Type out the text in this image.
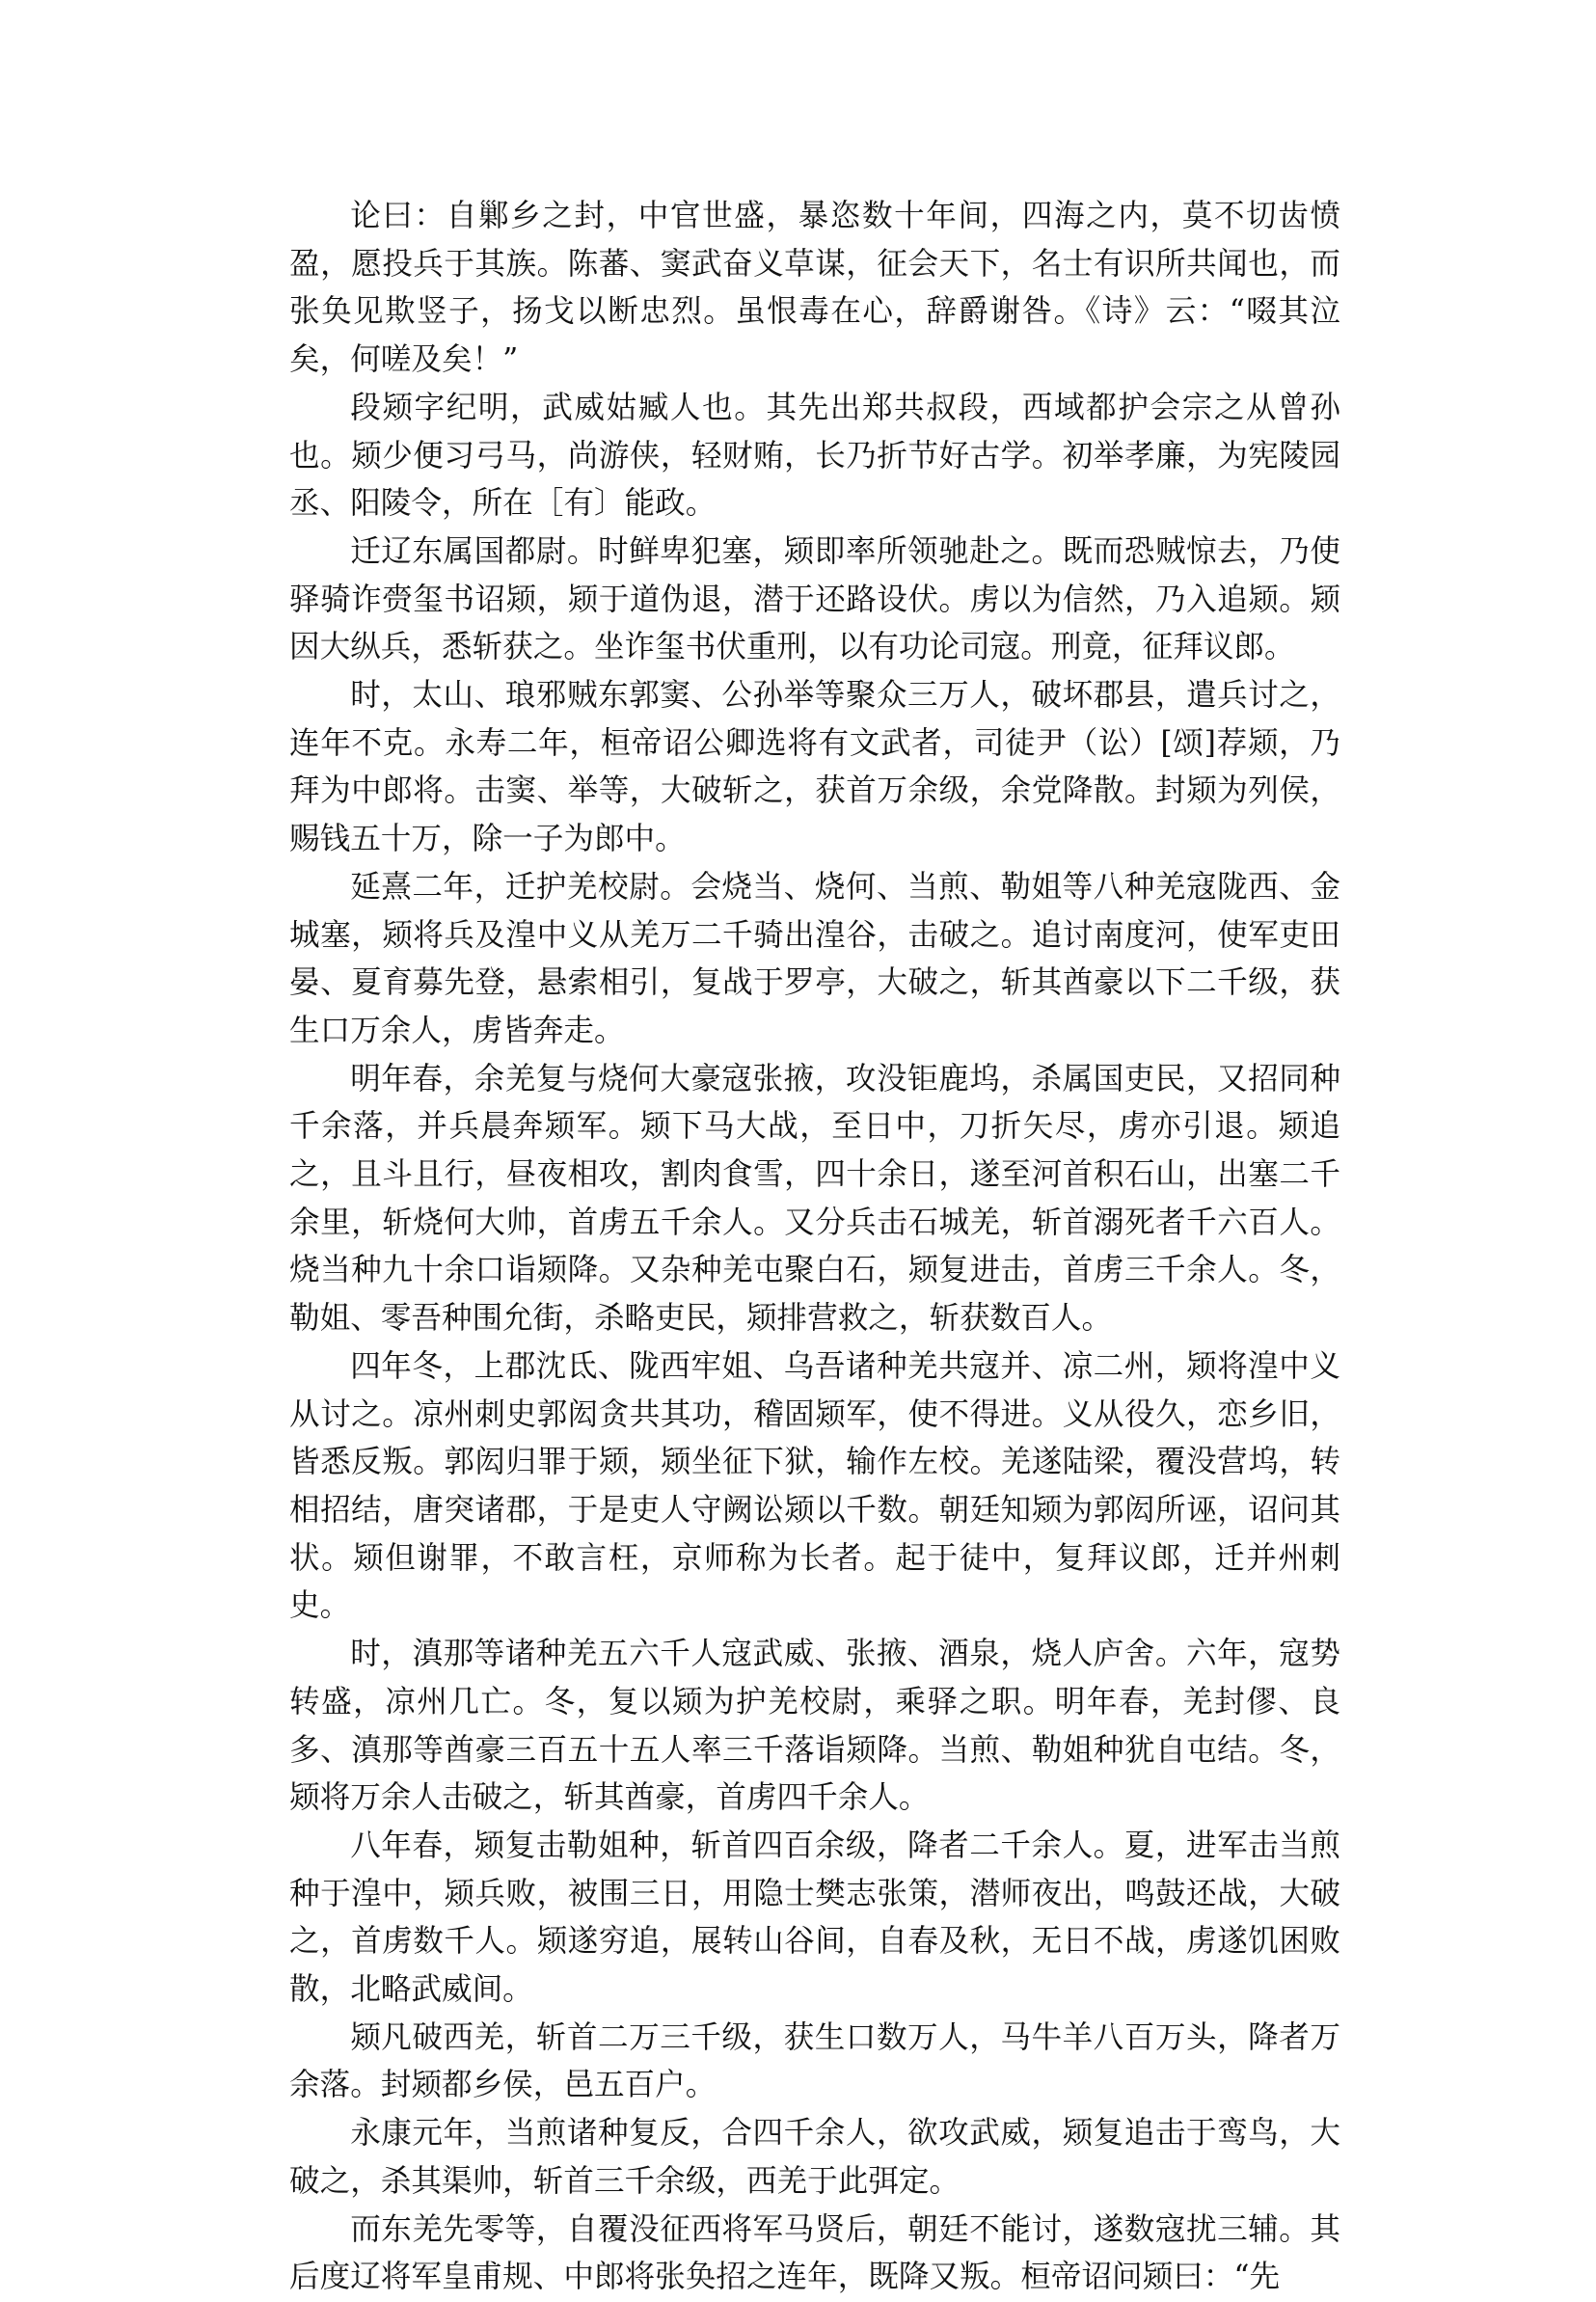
论曰：自鄛乡之封，中官世盛，暴恣数十年间，四海之内，莫不切齿愤盈，愿投兵于其族。陈蕃、窦武奋义草谋，征会天下，名士有识所共闻也，而张奂见欺竖子，扬戈以断忠烈。虽恨毒在心，辞爵谢咎。《诗》云：“啜其泣矣，何嗟及矣！”

段颎字纪明，武威姑臧人也。其先出郑共叔段，西域都护会宗之从曾孙也。颎少便习弓马，尚游侠，轻财贿，长乃折节好古学。初举孝廉，为宪陵园丞、阳陵令，所在［有〕能政。

迁辽东属国都尉。时鲜卑犯塞，颎即率所领驰赴之。既而恐贼惊去，乃使驿骑诈赍玺书诏颎，颎于道伪退，潜于还路设伏。虏以为信然，乃入追颎。颎因大纵兵，悉斩获之。坐诈玺书伏重刑，以有功论司寇。刑竟，征拜议郎。

时，太山、琅邪贼东郭窦、公孙举等聚众三万人，破坏郡县，遣兵讨之，连年不克。永寿二年，桓帝诏公卿选将有文武者，司徒尹（讼）[颂]荐颎，乃拜为中郎将。击窦、举等，大破斩之，获首万余级，余党降散。封颎为列侯，赐钱五十万，除一子为郎中。

延熹二年，迁护羌校尉。会烧当、烧何、当煎、勒姐等八种羌寇陇西、金城塞，颎将兵及湟中义从羌万二千骑出湟谷，击破之。追讨南度河，使军吏田晏、夏育募先登，悬索相引，复战于罗亭，大破之，斩其酋豪以下二千级，获生口万余人，虏皆奔走。

明年春，余羌复与烧何大豪寇张掖，攻没钜鹿坞，杀属国吏民，又招同种千余落，并兵晨奔颎军。颎下马大战，至日中，刀折矢尽，虏亦引退。颎追之，且斗且行，昼夜相攻，割肉食雪，四十余日，遂至河首积石山，出塞二千余里，斩烧何大帅，首虏五千余人。又分兵击石城羌，斩首溺死者千六百人。烧当种九十余口诣颎降。又杂种羌屯聚白石，颎复进击，首虏三千余人。冬，勒姐、零吾种围允街，杀略吏民，颎排营救之，斩获数百人。

四年冬，上郡沈氐、陇西牢姐、乌吾诸种羌共寇并、凉二州，颎将湟中义从讨之。凉州刺史郭闳贪共其功，稽固颎军，使不得进。义从役久，恋乡旧，皆悉反叛。郭闳归罪于颎，颎坐征下狱，输作左校。羌遂陆梁，覆没营坞，转相招结，唐突诸郡，于是吏人守阙讼颎以千数。朝廷知颎为郭闳所诬，诏问其状。颎但谢罪，不敢言枉，京师称为长者。起于徒中，复拜议郎，迁并州刺史。

时，滇那等诸种羌五六千人寇武威、张掖、酒泉，烧人庐舍。六年，寇势转盛，凉州几亡。冬，复以颎为护羌校尉，乘驿之职。明年春，羌封僇、良多、滇那等酋豪三百五十五人率三千落诣颎降。当煎、勒姐种犹自屯结。冬，颎将万余人击破之，斩其酋豪，首虏四千余人。

八年春，颎复击勒姐种，斩首四百余级，降者二千余人。夏，进军击当煎种于湟中，颎兵败，被围三日，用隐士樊志张策，潜师夜出，鸣鼓还战，大破之，首虏数千人。颎遂穷追，展转山谷间，自春及秋，无日不战，虏遂饥困败散，北略武威间。

颎凡破西羌，斩首二万三千级，获生口数万人，马牛羊八百万头，降者万余落。封颎都乡侯，邑五百户。

永康元年，当煎诸种复反，合四千余人，欲攻武威，颎复追击于鸾鸟，大破之，杀其渠帅，斩首三千余级，西羌于此弭定。

而东羌先零等，自覆没征西将军马贤后，朝廷不能讨，遂数寇扰三辅。其后度辽将军皇甫规、中郎将张奂招之连年，既降又叛。桓帝诏问颎曰：“先
